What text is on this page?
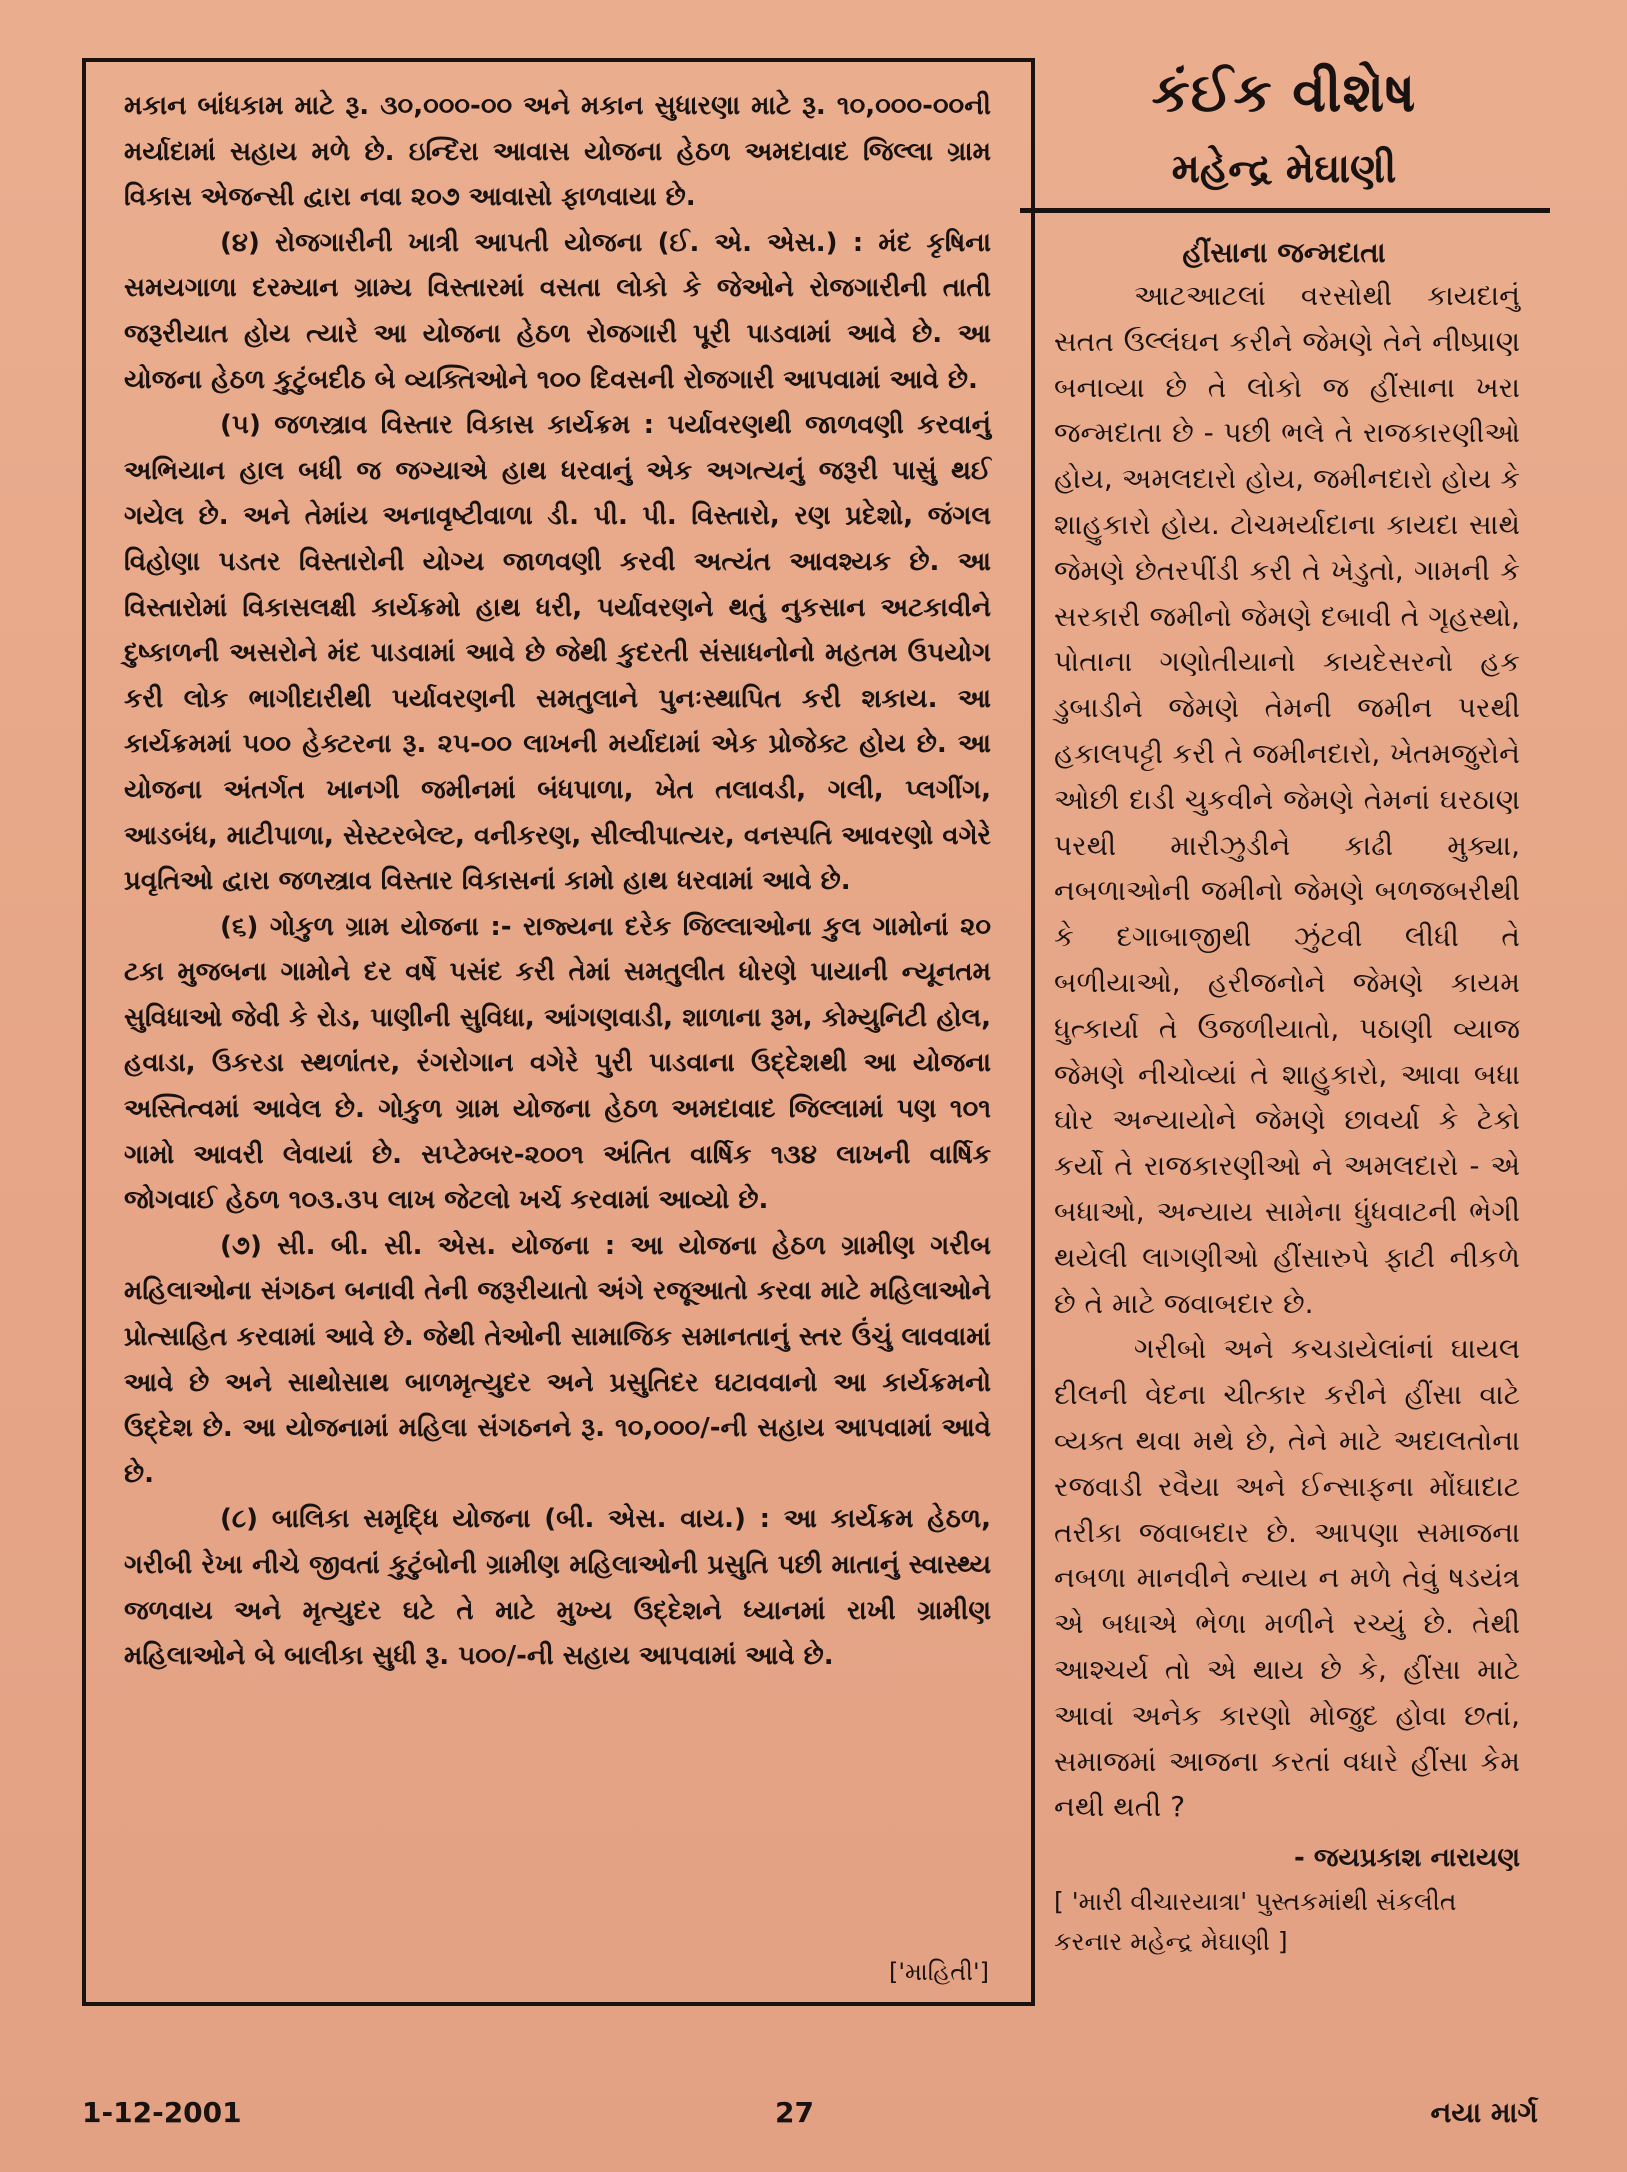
મકાન બાંધકામ માટે રૂ. ૩૦,૦૦૦-૦૦ અને મકાન સુધારણા માટે રૂ. ૧૦,૦૦૦-૦૦ની મર્યાદામાં સહાય મળે છે. ઇન્દિરા આવાસ યોજના હેઠળ અમદાવાદ જિલ્લા ગ્રામ વિકાસ એજન્સી દ્વારા નવા ૨૦૭ આવાસો ફાળવાયા છે.

(૪) રોજગારીની ખાત્રી આપતી યોજના (ઈ. એ. એસ.) : મંદ કૃષિના સમયગાળા દરમ્યાન ગ્રામ્ય વિસ્તારમાં વસતા લોકો કે જેઓને રોજગારીની તાતી જરૂરીયાત હોય ત્યારે આ યોજના હેઠળ રોજગારી પૂરી પાડવામાં આવે છે. આ યોજના હેઠળ કુટુંબદીઠ બે વ્યક્તિઓને ૧૦૦ દિવસની રોજગારી આપવામાં આવે છે.

(૫) જળસ્ત્રાવ વિસ્તાર વિકાસ કાર્યક્રમ : પર્યાવરણથી જાળવણી કરવાનું અભિયાન હાલ બધી જ જગ્યાએ હાથ ધરવાનું એક અગત્યનું જરૂરી પાસું થઈ ગયેલ છે. અને તેમાંય અનાવૃષ્ટીવાળા ડી. પી. પી. વિસ્તારો, રણ પ્રદેશો, જંગલ વિહોણા પડતર વિસ્તારોની યોગ્ય જાળવણી કરવી અત્યંત આવશ્યક છે. આ વિસ્તારોમાં વિકાસલક્ષી કાર્યક્રમો હાથ ધરી, પર્યાવરણને થતું નુકસાન અટકાવીને દુષ્કાળની અસરોને મંદ પાડવામાં આવે છે જેથી કુદરતી સંસાધનોનો મહતમ ઉપયોગ કરી લોક ભાગીદારીથી પર્યાવરણની સમતુલાને પુનઃસ્થાપિત કરી શકાય. આ કાર્યક્રમમાં ૫૦૦ હેક્ટરના રૂ. ૨૫-૦૦ લાખની મર્યાદામાં એક પ્રોજેક્ટ હોય છે. આ યોજના અંતર્ગત ખાનગી જમીનમાં બંધપાળા, ખેત તલાવડી, ગલી, પ્લગીંગ, આડબંધ, માટીપાળા, સેસ્ટરબેલ્ટ, વનીકરણ, સીલ્વીપાત્યર, વનસ્પતિ આવરણો વગેરે પ્રવૃતિઓ દ્વારા જળસ્ત્રાવ વિસ્તાર વિકાસનાં કામો હાથ ધરવામાં આવે છે.

(૬) ગોકુળ ગ્રામ યોજના :- રાજ્યના દરેક જિલ્લાઓના કુલ ગામોનાં ૨૦ ટકા મુજબના ગામોને દર વર્ષે પસંદ કરી તેમાં સમતુલીત ધોરણે પાયાની ન્યૂનતમ સુવિધાઓ જેવી કે રોડ, પાણીની સુવિધા, આંગણવાડી, શાળાના રૂમ, કોમ્યુનિટી હોલ, હવાડા, ઉકરડા સ્થળાંતર, રંગરોગાન વગેરે પુરી પાડવાના ઉદ્દેશથી આ યોજના અસ્તિત્વમાં આવેલ છે. ગોકુળ ગ્રામ યોજના હેઠળ અમદાવાદ જિલ્લામાં પણ ૧૦૧ ગામો આવરી લેવાયાં છે. સપ્ટેમ્બર-૨૦૦૧ અંતિત વાર્ષિક ૧૩૪ લાખની વાર્ષિક જોગવાઈ હેઠળ ૧૦૩.૩૫ લાખ જેટલો ખર્ચ કરવામાં આવ્યો છે.

(૭) સી. બી. સી. એસ. યોજના : આ યોજના હેઠળ ગ્રામીણ ગરીબ મહિલાઓના સંગઠન બનાવી તેની જરૂરીયાતો અંગે રજૂઆતો કરવા માટે મહિલાઓને પ્રોત્સાહિત કરવામાં આવે છે. જેથી તેઓની સામાજિક સમાનતાનું સ્તર ઉંચું લાવવામાં આવે છે અને સાથોસાથ બાળમૃત્યુદર અને પ્રસુતિદર ઘટાવવાનો આ કાર્યક્રમનો ઉદ્દેશ છે. આ યોજનામાં મહિલા સંગઠનને રૂ. ૧૦,૦૦૦/-ની સહાય આપવામાં આવે છે.

(૮) બાલિકા સમૃદ્ધિ યોજના (બી. એસ. વાય.) : આ કાર્યક્રમ હેઠળ, ગરીબી રેખા નીચે જીવતાં કુટુંબોની ગ્રામીણ મહિલાઓની પ્રસુતિ પછી માતાનું સ્વાસ્થ્ય જળવાય અને મૃત્યુદર ઘટે તે માટે મુખ્ય ઉદ્દેશને ધ્યાનમાં રાખી ગ્રામીણ મહિલાઓને બે બાલીકા સુધી રૂ. ૫૦૦/-ની સહાય આપવામાં આવે છે.

['માહિતી']
કંઈક વીશેષ
મહેન્દ્ર મેઘાણી
હીંસાના જન્મદાતા

આટઆટલાં વરસોથી કાયદાનું સતત ઉલ્લંઘન કરીને જેમણે તેને નીષ્પ્રાણ બનાવ્યા છે તે લોકો જ હીંસાના ખરા જન્મદાતા છે - પછી ભલે તે રાજકારણીઓ હોય, અમલદારો હોય, જમીનદારો હોય કે શાહુકારો હોય. ટોચમર્યાદાના કાયદા સાથે જેમણે છેતરપીંડી કરી તે ખેડુતો, ગામની કે સરકારી જમીનો જેમણે દબાવી તે ગૃહસ્થો, પોતાના ગણોતીયાનો કાયદેસરનો હક ડુબાડીને જેમણે તેમની જમીન પરથી હકાલપટ્ટી કરી તે જમીનદારો, ખેતમજુરોને ઓછી દાડી ચુકવીને જેમણે તેમનાં ઘરઠાણ પરથી મારીઝુડીને કાઢી મુક્યા, નબળાઓની જમીનો જેમણે બળજબરીથી કે દગાબાજીથી ઝુંટવી લીધી તે બળીયાઓ, હરીજનોને જેમણે કાયમ ધુત્કાર્યા તે ઉજળીયાતો, પઠાણી વ્યાજ જેમણે નીચોવ્યાં તે શાહુકારો, આવા બધા ઘોર અન્યાયોને જેમણે છાવર્યા કે ટેકો કર્યો તે રાજકારણીઓ ને અમલદારો - એ બધાઓ, અન્યાય સામેના ધુંધવાટની ભેગી થયેલી લાગણીઓ હીંસારુપે ફાટી નીકળે છે તે માટે જવાબદાર છે.

ગરીબો અને કચડાયેલાંનાં ઘાયલ દીલની વેદના ચીત્કાર કરીને હીંસા વાટે વ્યક્ત થવા મથે છે, તેને માટે અદાલતોના રજવાડી રવૈયા અને ઈન્સાફના મોંઘાદાટ તરીકા જવાબદાર છે. આપણા સમાજના નબળા માનવીને ન્યાય ન મળે તેવું ષડયંત્ર એ બધાએ ભેળા મળીને રચ્યું છે. તેથી આશ્ચર્ય તો એ થાય છે કે, હીંસા માટે આવાં અનેક કારણો મોજુદ હોવા છતાં, સમાજમાં આજના કરતાં વધારે હીંસા કેમ નથી થતી ?

- જયપ્રકાશ નારાયણ
[ 'મારી વીચારયાત્રા' પુસ્તકમાંથી સંકલીત કરનાર મહેન્દ્ર મેઘાણી ]
1-12-2001	27	નયા માર્ગ
